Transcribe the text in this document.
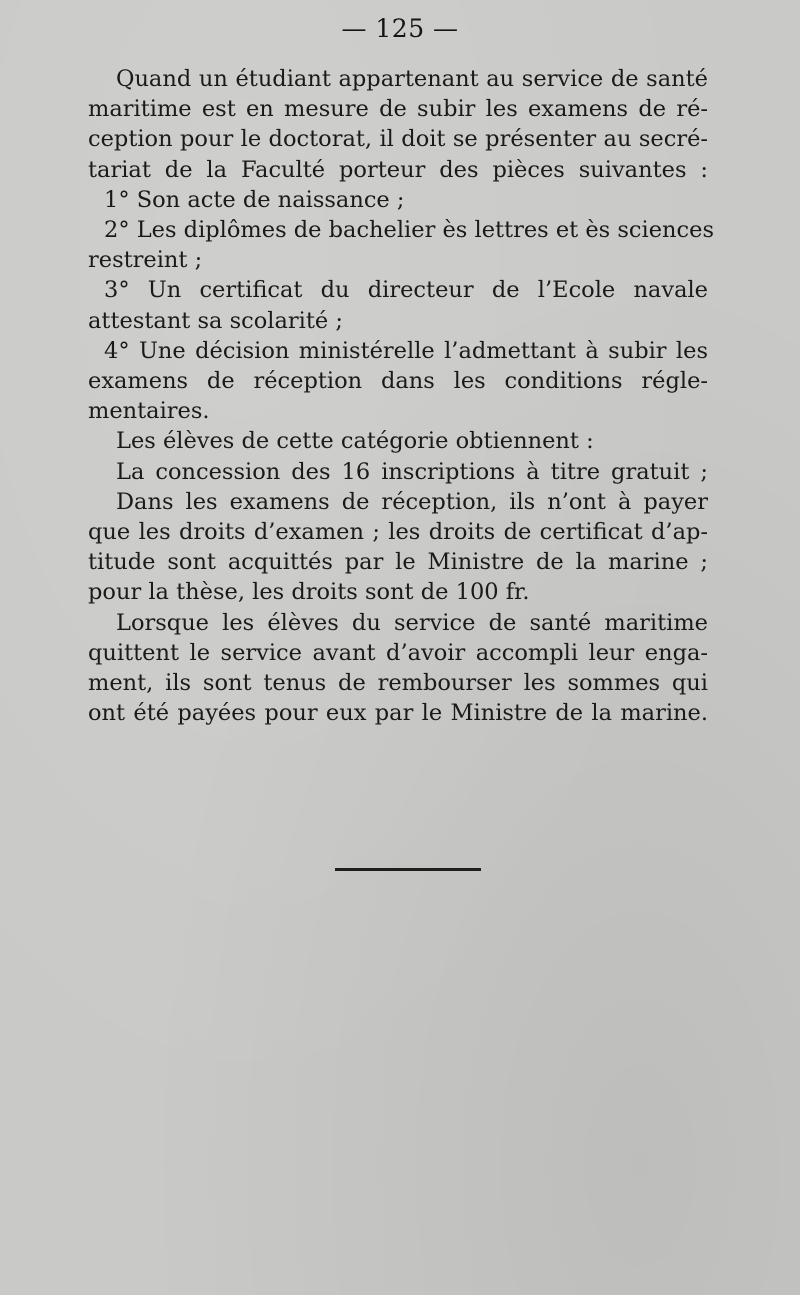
— 125 —
Quand un étudiant appartenant au service de santé
maritime est en mesure de subir les examens de ré-
ception pour le doctorat, il doit se présenter au secré-
tariat de la Faculté porteur des pièces suivantes :
1° Son acte de naissance ;
2° Les diplômes de bachelier ès lettres et ès sciences
restreint ;
3° Un certificat du directeur de l’Ecole navale
attestant sa scolarité ;
4° Une décision ministérelle l’admettant à subir les
examens de réception dans les conditions régle-
mentaires.
Les élèves de cette catégorie obtiennent :
La concession des 16 inscriptions à titre gratuit ;
Dans les examens de réception, ils n’ont à payer
que les droits d’examen ; les droits de certificat d’ap-
titude sont acquittés par le Ministre de la marine ;
pour la thèse, les droits sont de 100 fr.
Lorsque les élèves du service de santé maritime
quittent le service avant d’avoir accompli leur enga-
ment, ils sont tenus de rembourser les sommes qui
ont été payées pour eux par le Ministre de la marine.
